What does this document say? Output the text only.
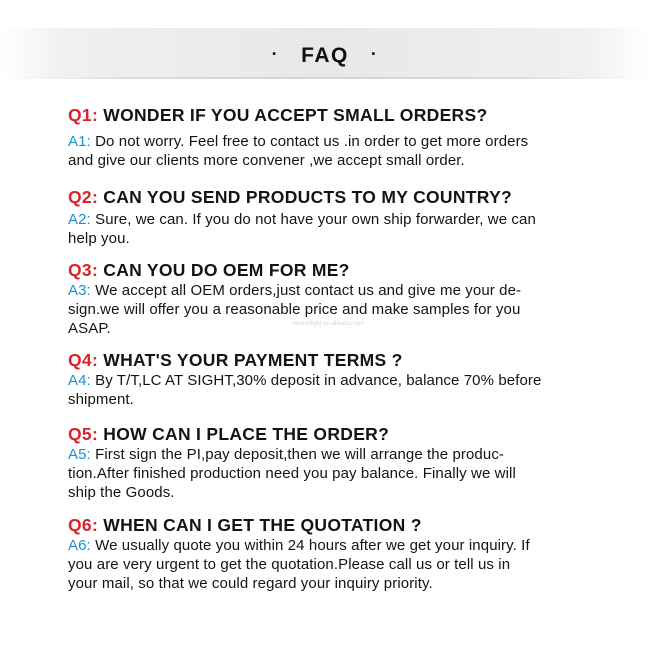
· FAQ ·
Q1: WONDER IF YOU ACCEPT SMALL ORDERS?
A1: Do not worry. Feel free to contact us .in order to get more orders
and give our clients more convener ,we accept small order.
Q2: CAN YOU SEND PRODUCTS TO MY COUNTRY?
A2: Sure, we can. If you do not have your own ship forwarder, we can
help you.
Q3: CAN YOU DO OEM FOR ME?
A3: We accept all OEM orders,just contact us and give me your de-
sign.we will offer you a reasonable price and make samples for you
ASAP.
Q4: WHAT'S YOUR PAYMENT TERMS ?
A4: By T/T,LC AT SIGHT,30% deposit in advance, balance 70% before
shipment.
Q5: HOW CAN I PLACE THE ORDER?
A5: First sign the PI,pay deposit,then we will arrange the produc-
tion.After finished production need you pay balance. Finally we will
ship the Goods.
Q6: WHEN CAN I GET THE QUOTATION ?
A6: We usually quote you within 24 hours after we get your inquiry. If
you are very urgent to get the quotation.Please call us or tell us in
your mail, so that we could regard your inquiry priority.
newishlight.en.alibaba.com
